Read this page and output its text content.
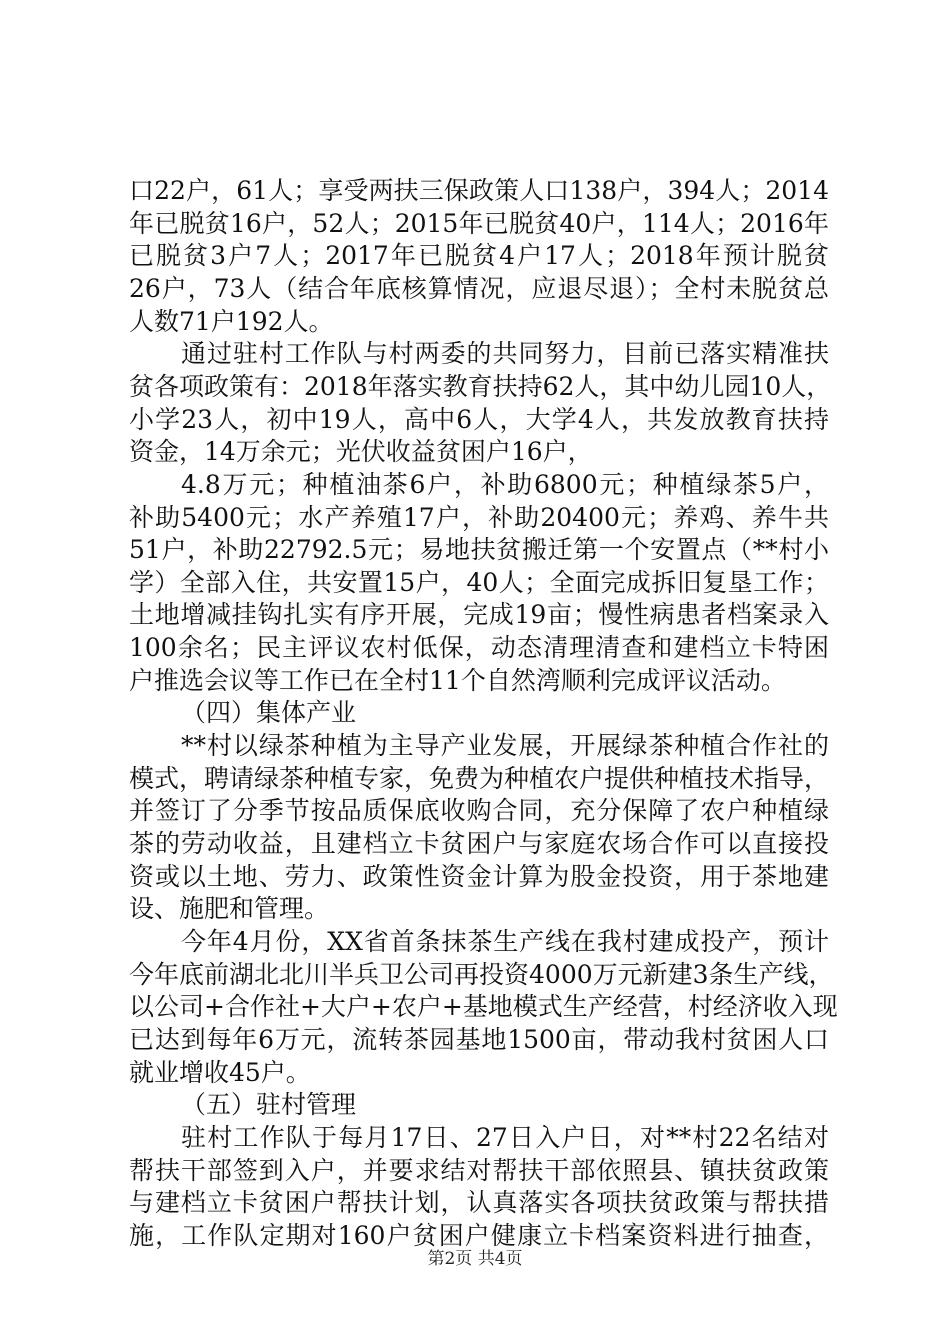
口22户，61人；享受两扶三保政策人口138户，394人；2014
年已脱贫16户，52人；2015年已脱贫40户，114人；2016年
已脱贫3户7人；2017年已脱贫4户17人；2018年预计脱贫
26户，73人（结合年底核算情况，应退尽退）；全村未脱贫总
人数71户192人。
通过驻村工作队与村两委的共同努力，目前已落实精准扶
贫各项政策有：2018年落实教育扶持62人，其中幼儿园10人，
小学23人，初中19人，高中6人，大学4人，共发放教育扶持
资金，14万余元；光伏收益贫困户16户，
4.8万元；种植油茶6户，补助6800元；种植绿茶5户，
补助5400元；水产养殖17户，补助20400元；养鸡、养牛共
51户，补助22792.5元；易地扶贫搬迁第一个安置点（**村小
学）全部入住，共安置15户，40人；全面完成拆旧复垦工作；
土地增减挂钩扎实有序开展，完成19亩；慢性病患者档案录入
100余名；民主评议农村低保，动态清理清查和建档立卡特困
户推选会议等工作已在全村11个自然湾顺利完成评议活动。
（四）集体产业
**村以绿茶种植为主导产业发展，开展绿茶种植合作社的
模式，聘请绿茶种植专家，免费为种植农户提供种植技术指导，
并签订了分季节按品质保底收购合同，充分保障了农户种植绿
茶的劳动收益，且建档立卡贫困户与家庭农场合作可以直接投
资或以土地、劳力、政策性资金计算为股金投资，用于茶地建
设、施肥和管理。
今年4月份，XX省首条抹茶生产线在我村建成投产，预计
今年底前湖北北川半兵卫公司再投资4000万元新建3条生产线，
以公司+合作社+大户+农户+基地模式生产经营，村经济收入现
已达到每年6万元，流转茶园基地1500亩，带动我村贫困人口
就业增收45户。
（五）驻村管理
驻村工作队于每月17日、27日入户日，对**村22名结对
帮扶干部签到入户，并要求结对帮扶干部依照县、镇扶贫政策
与建档立卡贫困户帮扶计划，认真落实各项扶贫政策与帮扶措
施，工作队定期对160户贫困户健康立卡档案资料进行抽查，
第2页 共4页
